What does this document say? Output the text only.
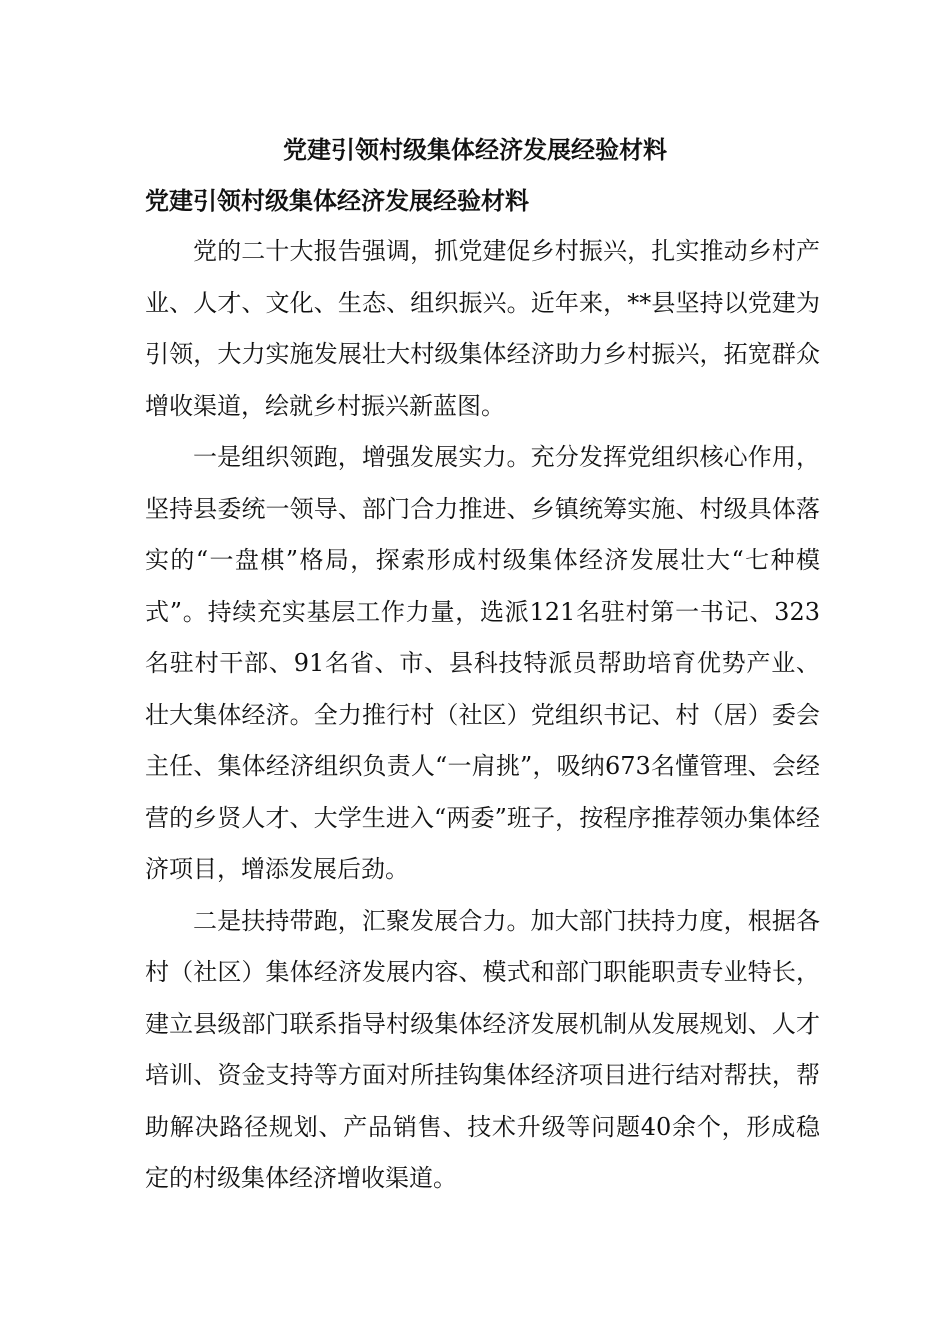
党建引领村级集体经济发展经验材料
党建引领村级集体经济发展经验材料

党的二十大报告强调，抓党建促乡村振兴，扎实推动乡村产业、人才、文化、生态、组织振兴。近年来，**县坚持以党建为引领，大力实施发展壮大村级集体经济助力乡村振兴，拓宽群众增收渠道，绘就乡村振兴新蓝图。

一是组织领跑，增强发展实力。充分发挥党组织核心作用，坚持县委统一领导、部门合力推进、乡镇统筹实施、村级具体落实的“一盘棋”格局，探索形成村级集体经济发展壮大“七种模式”。持续充实基层工作力量，选派121名驻村第一书记、323名驻村干部、91名省、市、县科技特派员帮助培育优势产业、壮大集体经济。全力推行村（社区）党组织书记、村（居）委会主任、集体经济组织负责人“一肩挑”，吸纳673名懂管理、会经营的乡贤人才、大学生进入“两委”班子，按程序推荐领办集体经济项目，增添发展后劲。

二是扶持带跑，汇聚发展合力。加大部门扶持力度，根据各村（社区）集体经济发展内容、模式和部门职能职责专业特长，建立县级部门联系指导村级集体经济发展机制从发展规划、人才培训、资金支持等方面对所挂钩集体经济项目进行结对帮扶，帮助解决路径规划、产品销售、技术升级等问题40余个，形成稳定的村级集体经济增收渠道。
